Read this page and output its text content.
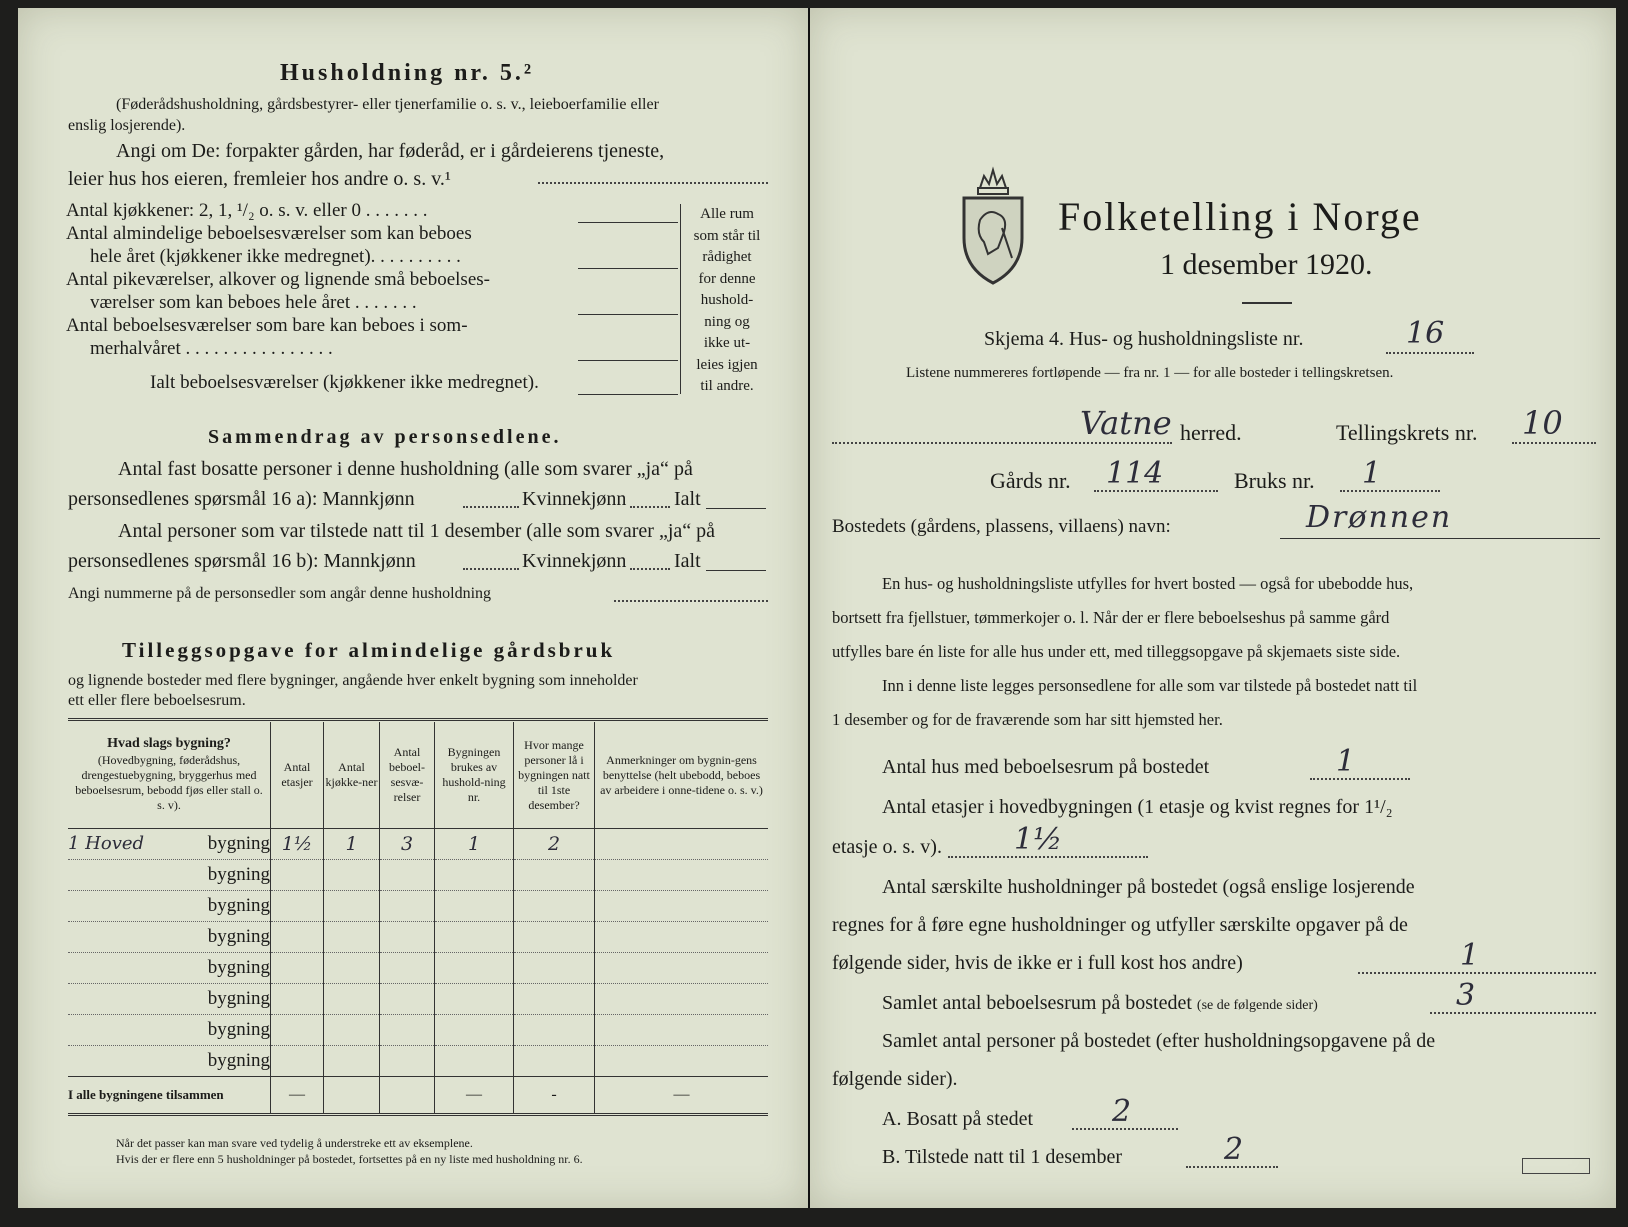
Husholdning nr. 5.²
(Føderådshusholdning, gårdsbestyrer- eller tjenerfamilie o. s. v., leieboerfamilie eller
enslig losjerende).
Angi om De: forpakter gården, har føderåd, er i gårdeierens tjeneste,
leier hus hos eieren, fremleier hos andre o. s. v.¹
Antal kjøkkener: 2, 1, ¹/₂ o. s. v. eller 0 . . . . . . .
Antal almindelige beboelsesværelser som kan beboes
hele året (kjøkkener ikke medregnet). . . . . . . . . .
Antal pikeværelser, alkover og lignende små beboelses-
værelser som kan beboes hele året . . . . . . .
Antal beboelsesværelser som bare kan beboes i som-
merhalvåret . . . . . . . . . . . . . . . .
Alle rum
som står til
rådighet
for denne
hushold-
ning og
ikke ut-
leies igjen
til andre.
Ialt beboelsesværelser (kjøkkener ikke medregnet).
Sammendrag av personsedlene.
Antal fast bosatte personer i denne husholdning (alle som svarer „ja“ på
personsedlenes spørsmål 16 a): Mannkjønn	Kvinnekjønn Ialt
Antal personer som var tilstede natt til 1 desember (alle som svarer „ja“ på
personsedlenes spørsmål 16 b): Mannkjønn	Kvinnekjønn Ialt
Angi nummerne på de personsedler som angår denne husholdning
Tilleggsopgave for almindelige gårdsbruk
og lignende bosteder med flere bygninger, angående hver enkelt bygning som inneholder
ett eller flere beboelsesrum.
Hvad slags bygning?
(Hovedbygning, føderådshus, drengestuebygning, bryggerhus med beboelsesrum, bebodd fjøs eller stall o. s. v).	Antal etasjer	Antal kjøkke-ner	Antal beboel-sesvæ-relser	Bygningen brukes av hushold-ning nr.	Hvor mange personer lå i bygningen natt til 1ste desember?	Anmerkninger om bygnin-gens benyttelse (helt ubebodd, beboes av arbeidere i onne-tidene o. s. v.)
1 Hoved bygning	1½	1	3	1	2	
bygning						
bygning						
bygning						
bygning						
bygning						
bygning						
bygning						
I alle bygningene tilsammen	—			—	-	—
Når det passer kan man svare ved tydelig å understreke ett av eksemplene.
Hvis der er flere enn 5 husholdninger på bostedet, fortsettes på en ny liste med husholdning nr. 6.
Folketelling i Norge
1 desember 1920.
Skjema 4. Hus- og husholdningsliste nr.	16
Listene nummereres fortløpende — fra nr. 1 — for alle bosteder i tellingskretsen.
Vatne herred.	Tellingskrets nr. 10
Gårds nr. 114	Bruks nr. 1
Bostedets (gårdens, plassens, villaens) navn:	Drønnen
En hus- og husholdningsliste utfylles for hvert bosted — også for ubebodde hus,
bortsett fra fjellstuer, tømmerkojer o. l. Når der er flere beboelseshus på samme gård
utfylles bare én liste for alle hus under ett, med tilleggsopgave på skjemaets siste side.
Inn i denne liste legges personsedlene for alle som var tilstede på bostedet natt til
1 desember og for de fraværende som har sitt hjemsted her.
Antal hus med beboelsesrum på bostedet	1
Antal etasjer i hovedbygningen (1 etasje og kvist regnes for 1¹/₂
etasje o. s. v). 1½
Antal særskilte husholdninger på bostedet (også enslige losjerende
regnes for å føre egne husholdninger og utfyller særskilte opgaver på de
følgende sider, hvis de ikke er i full kost hos andre)	1
Samlet antal beboelsesrum på bostedet (se de følgende sider)	3
Samlet antal personer på bostedet (efter husholdningsopgavene på de
følgende sider).
A. Bosatt på stedet	2
B. Tilstede natt til 1 desember	2
